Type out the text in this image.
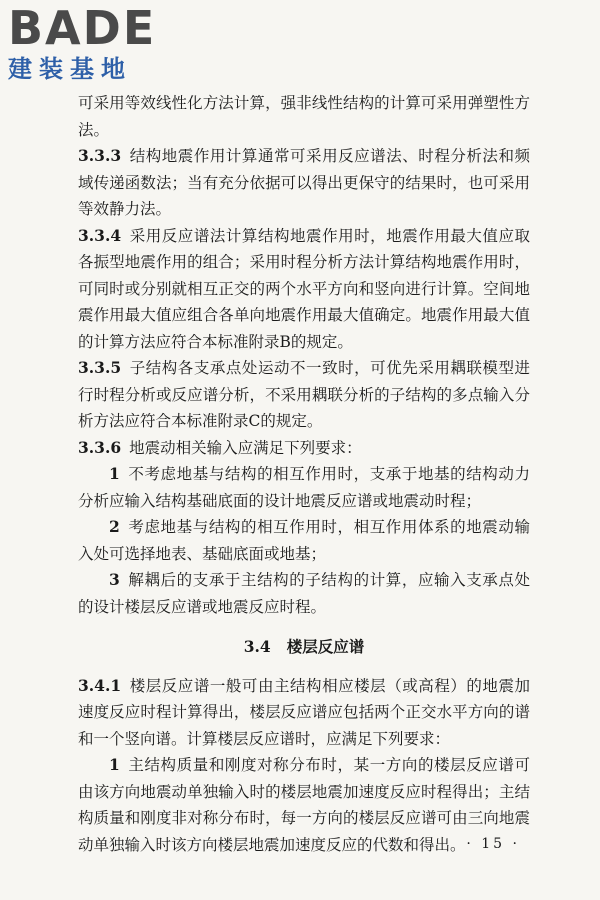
BADE
建装基地

可采用等效线性化方法计算，强非线性结构的计算可采用弹塑性方法。

3.3.3 结构地震作用计算通常可采用反应谱法、时程分析法和频域传递函数法；当有充分依据可以得出更保守的结果时，也可采用等效静力法。

3.3.4 采用反应谱法计算结构地震作用时，地震作用最大值应取各振型地震作用的组合；采用时程分析方法计算结构地震作用时，可同时或分别就相互正交的两个水平方向和竖向进行计算。空间地震作用最大值应组合各单向地震作用最大值确定。地震作用最大值的计算方法应符合本标准附录B的规定。

3.3.5 子结构各支承点处运动不一致时，可优先采用耦联模型进行时程分析或反应谱分析，不采用耦联分析的子结构的多点输入分析方法应符合本标准附录C的规定。

3.3.6 地震动相关输入应满足下列要求：

1 不考虑地基与结构的相互作用时，支承于地基的结构动力分析应输入结构基础底面的设计地震反应谱或地震动时程；

2 考虑地基与结构的相互作用时，相互作用体系的地震动输入处可选择地表、基础底面或地基；

3 解耦后的支承于主结构的子结构的计算，应输入支承点处的设计楼层反应谱或地震反应时程。

3.4 楼层反应谱

3.4.1 楼层反应谱一般可由主结构相应楼层（或高程）的地震加速度反应时程计算得出，楼层反应谱应包括两个正交水平方向的谱和一个竖向谱。计算楼层反应谱时，应满足下列要求：

1 主结构质量和刚度对称分布时，某一方向的楼层反应谱可由该方向地震动单独输入时的楼层地震加速度反应时程得出；主结构质量和刚度非对称分布时，每一方向的楼层反应谱可由三向地震动单独输入时该方向楼层地震加速度反应的代数和得出。 · 15 ·
